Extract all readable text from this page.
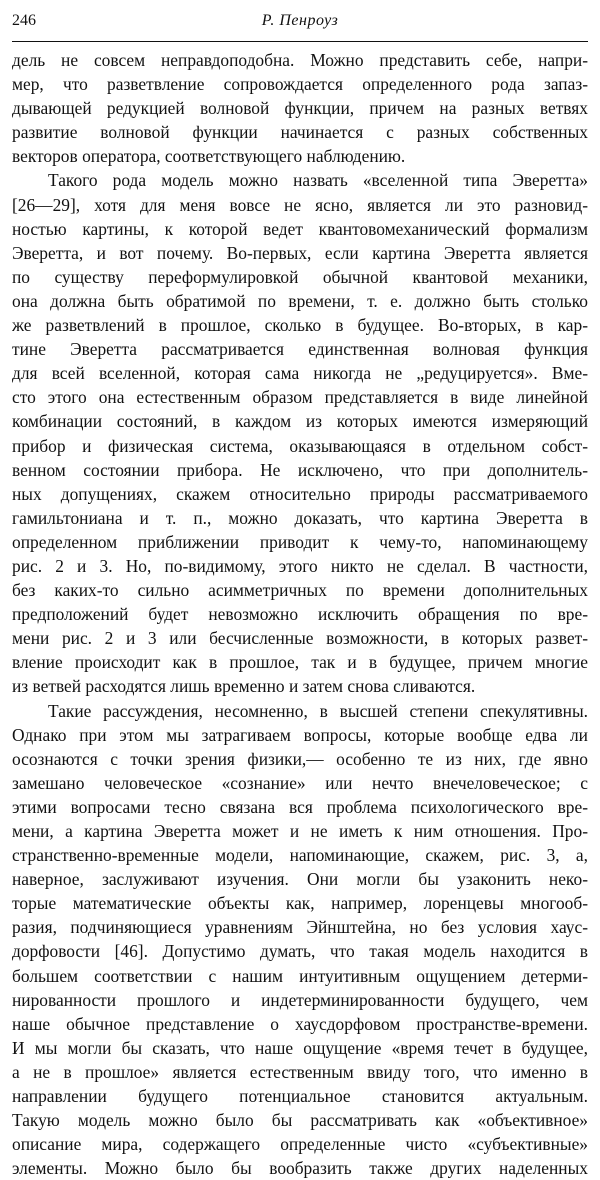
246	Р. Пенроуз
дель не совсем неправдоподобна. Можно представить себе, напри-
мер, что разветвление сопровождается определенного рода запаз-
дывающей редукцией волновой функции, причем на разных ветвях
развитие волновой функции начинается с разных собственных
векторов оператора, соответствующего наблюдению.
Такого рода модель можно назвать «вселенной типа Эверетта»
[26—29], хотя для меня вовсе не ясно, является ли это разновид-
ностью картины, к которой ведет квантовомеханический формализм
Эверетта, и вот почему. Во-первых, если картина Эверетта является
по существу переформулировкой обычной квантовой механики,
она должна быть обратимой по времени, т. е. должно быть столько
же разветвлений в прошлое, сколько в будущее. Во-вторых, в кар-
тине Эверетта рассматривается единственная волновая функция
для всей вселенной, которая сама никогда не „редуцируется». Вме-
сто этого она естественным образом представляется в виде линейной
комбинации состояний, в каждом из которых имеются измеряющий
прибор и физическая система, оказывающаяся в отдельном собст-
венном состоянии прибора. Не исключено, что при дополнитель-
ных допущениях, скажем относительно природы рассматриваемого
гамильтониана и т. п., можно доказать, что картина Эверетта в
определенном приближении приводит к чему-то, напоминающему
рис. 2 и 3. Но, по-видимому, этого никто не сделал. В частности,
без каких-то сильно асимметричных по времени дополнительных
предположений будет невозможно исключить обращения по вре-
мени рис. 2 и 3 или бесчисленные возможности, в которых развет-
вление происходит как в прошлое, так и в будущее, причем многие
из ветвей расходятся лишь временно и затем снова сливаются.
Такие рассуждения, несомненно, в высшей степени спекулятивны.
Однако при этом мы затрагиваем вопросы, которые вообще едва ли
осознаются с точки зрения физики,— особенно те из них, где явно
замешано человеческое «сознание» или нечто внечеловеческое; с
этими вопросами тесно связана вся проблема психологического вре-
мени, а картина Эверетта может и не иметь к ним отношения. Про-
странственно-временные модели, напоминающие, скажем, рис. 3, а,
наверное, заслуживают изучения. Они могли бы узаконить неко-
торые математические объекты как, например, лоренцевы многооб-
разия, подчиняющиеся уравнениям Эйнштейна, но без условия хаус-
дорфовости [46]. Допустимо думать, что такая модель находится в
большем соответствии с нашим интуитивным ощущением детерми-
нированности прошлого и индетерминированности будущего, чем
наше обычное представление о хаусдорфовом пространстве-времени.
И мы могли бы сказать, что наше ощущение «время течет в будущее,
а не в прошлое» является естественным ввиду того, что именно в
направлении будущего потенциальное становится актуальным.
Такую модель можно было бы рассматривать как «объективное»
описание мира, содержащего определенные чисто «субъективные»
элементы. Можно было бы вообразить также других наделенных
